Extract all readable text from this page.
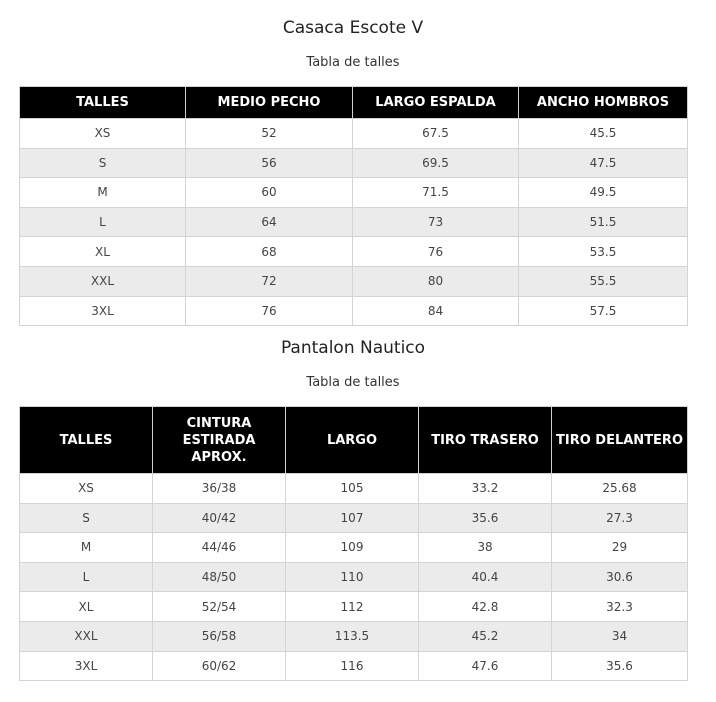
Casaca Escote V
Tabla de talles
TALLES	MEDIO PECHO	LARGO ESPALDA	ANCHO HOMBROS
XS	52	67.5	45.5
S	56	69.5	47.5
M	60	71.5	49.5
L	64	73	51.5
XL	68	76	53.5
XXL	72	80	55.5
3XL	76	84	57.5
Pantalon Nautico
Tabla de talles
TALLES	CINTURA ESTIRADA APROX.	LARGO	TIRO TRASERO	TIRO DELANTERO
XS	36/38	105	33.2	25.68
S	40/42	107	35.6	27.3
M	44/46	109	38	29
L	48/50	110	40.4	30.6
XL	52/54	112	42.8	32.3
XXL	56/58	113.5	45.2	34
3XL	60/62	116	47.6	35.6
